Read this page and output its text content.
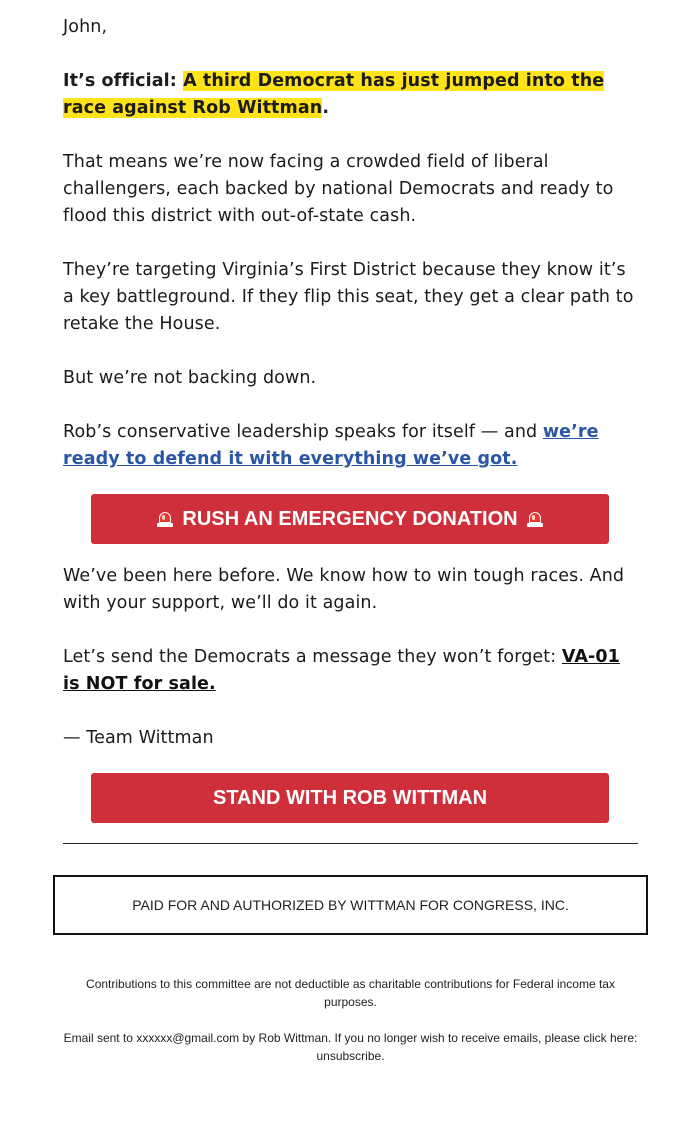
John,

It’s official: A third Democrat has just jumped into the race against Rob Wittman.

That means we’re now facing a crowded field of liberal challengers, each backed by national Democrats and ready to flood this district with out-of-state cash.

They’re targeting Virginia’s First District because they know it’s a key battleground. If they flip this seat, they get a clear path to retake the House.

But we’re not backing down.

Rob’s conservative leadership speaks for itself — and we’re ready to defend it with everything we’ve got.

We’ve been here before. We know how to win tough races. And with your support, we’ll do it again.

Let’s send the Democrats a message they won’t forget: VA-01 is NOT for sale.

— Team Wittman

RUSH AN EMERGENCY DONATION
STAND WITH ROB WITTMAN
PAID FOR AND AUTHORIZED BY WITTMAN FOR CONGRESS, INC.
Contributions to this committee are not deductible as charitable contributions for Federal income tax purposes.
Email sent to xxxxxx@gmail.com by Rob Wittman. If you no longer wish to receive emails, please click here: unsubscribe.
